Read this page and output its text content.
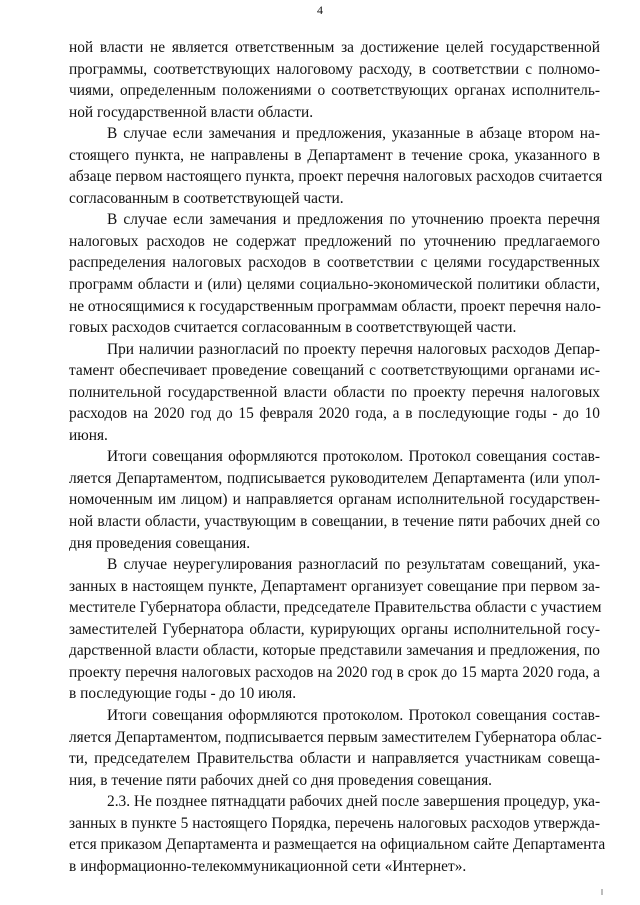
4

ной власти не является ответственным за достижение целей государственной
программы, соответствующих налоговому расходу, в соответствии с полномо-
чиями, определенным положениями о соответствующих органах исполнитель-
ной государственной власти области.

В случае если замечания и предложения, указанные в абзаце втором на-
стоящего пункта, не направлены в Департамент в течение срока, указанного в
абзаце первом настоящего пункта, проект перечня налоговых расходов считается
согласованным в соответствующей части.

В случае если замечания и предложения по уточнению проекта перечня
налоговых расходов не содержат предложений по уточнению предлагаемого
распределения налоговых расходов в соответствии с целями государственных
программ области и (или) целями социально-экономической политики области,
не относящимися к государственным программам области, проект перечня нало-
говых расходов считается согласованным в соответствующей части.

При наличии разногласий по проекту перечня налоговых расходов Депар-
тамент обеспечивает проведение совещаний с соответствующими органами ис-
полнительной государственной власти области по проекту перечня налоговых
расходов на 2020 год до 15 февраля 2020 года, а в последующие годы - до 10
июня.

Итоги совещания оформляются протоколом. Протокол совещания состав-
ляется Департаментом, подписывается руководителем Департамента (или упол-
номоченным им лицом) и направляется органам исполнительной государствен-
ной власти области, участвующим в совещании, в течение пяти рабочих дней со
дня проведения совещания.

В случае неурегулирования разногласий по результатам совещаний, ука-
занных в настоящем пункте, Департамент организует совещание при первом за-
местителе Губернатора области, председателе Правительства области с участием
заместителей Губернатора области, курирующих органы исполнительной госу-
дарственной власти области, которые представили замечания и предложения, по
проекту перечня налоговых расходов на 2020 год в срок до 15 марта 2020 года, а
в последующие годы - до 10 июля.

Итоги совещания оформляются протоколом. Протокол совещания состав-
ляется Департаментом, подписывается первым заместителем Губернатора облас-
ти, председателем Правительства области и направляется участникам совеща-
ния, в течение пяти рабочих дней со дня проведения совещания.

2.3. Не позднее пятнадцати рабочих дней после завершения процедур, ука-
занных в пункте 5 настоящего Порядка, перечень налоговых расходов утвержда-
ется приказом Департамента и размещается на официальном сайте Департамента
в информационно-телекоммуникационной сети «Интернет».
